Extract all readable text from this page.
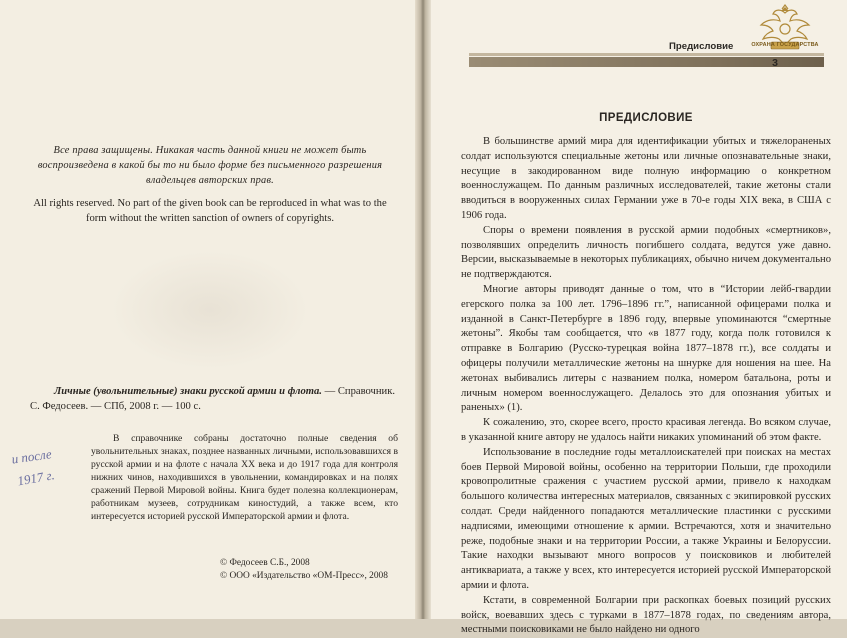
Все права защищены. Никакая часть данной книги не может быть воспроизведена в какой бы то ни было форме без письменного разрешения владельцев авторских прав.
All rights reserved. No part of the given book can be reproduced in what was to the form without the written sanction of owners of copyrights.
Личные (увольнительные) знаки русской армии и флота. — Справочник. С. Федосеев. — СПб, 2008 г. — 100 с.
В справочнике собраны достаточно полные сведения об увольнительных знаках, позднее названных личными, использовавшихся в русской армии и на флоте с начала XX века и до 1917 года для контроля нижних чинов, находившихся в увольнении, командировках и на полях сражений Первой Мировой войны. Книга будет полезна коллекционерам, работникам музеев, сотрудникам киностудий, а также всем, кто интересуется историей русской Императорской армии и флота.
и после
1917 г.
© Федосеев С.Б., 2008
© ООО «Издательство «ОМ-Пресс», 2008
Предисловие	ОХРАНА ГОСУДАРСТВА
3
ПРЕДИСЛОВИЕ

В большинстве армий мира для идентификации убитых и тяжелораненых солдат используются специальные жетоны или личные опознавательные знаки, несущие в закодированном виде полную информацию о конкретном военнослужащем. По данным различных исследователей, такие жетоны стали вводиться в вооруженных силах Германии уже в 70-е годы XIX века, в США с 1906 года.

Споры о времени появления в русской армии подобных «смертников», позволявших определить личность погибшего солдата, ведутся уже давно. Версии, высказываемые в некоторых публикациях, обычно ничем документально не подтверждаются.

Многие авторы приводят данные о том, что в “Истории лейб-гвардии егерского полка за 100 лет. 1796–1896 гг.”, написанной офицерами полка и изданной в Санкт-Петербурге в 1896 году, впервые упоминаются “смертные жетоны”. Якобы там сообщается, что «в 1877 году, когда полк готовился к отправке в Болгарию (Русско-турецкая война 1877–1878 гг.), все солдаты и офицеры получили металлические жетоны на шнурке для ношения на шее. На жетонах выбивались литеры с названием полка, номером батальона, роты и личным номером военнослужащего. Делалось это для опознания убитых и раненых» (1).

К сожалению, это, скорее всего, просто красивая легенда. Во всяком случае, в указанной книге автору не удалось найти никаких упоминаний об этом факте.

Использование в последние годы металлоискателей при поисках на местах боев Первой Мировой войны, особенно на территории Польши, где проходили кровопролитные сражения с участием русской армии, привело к находкам большого количества интересных материалов, связанных с экипировкой русских солдат. Среди найденного попадаются металлические пластинки с русскими надписями, имеющими отношение к армии. Встречаются, хотя и значительно реже, подобные знаки и на территории России, а также Украины и Белоруссии. Такие находки вызывают много вопросов у поисковиков и любителей антиквариата, а также у всех, кто интересуется историей русской Императорской армии и флота.

Кстати, в современной Болгарии при раскопках боевых позиций русских войск, воевавших здесь с турками в 1877–1878 годах, по сведениям автора, местными поисковиками не было найдено ни одного
